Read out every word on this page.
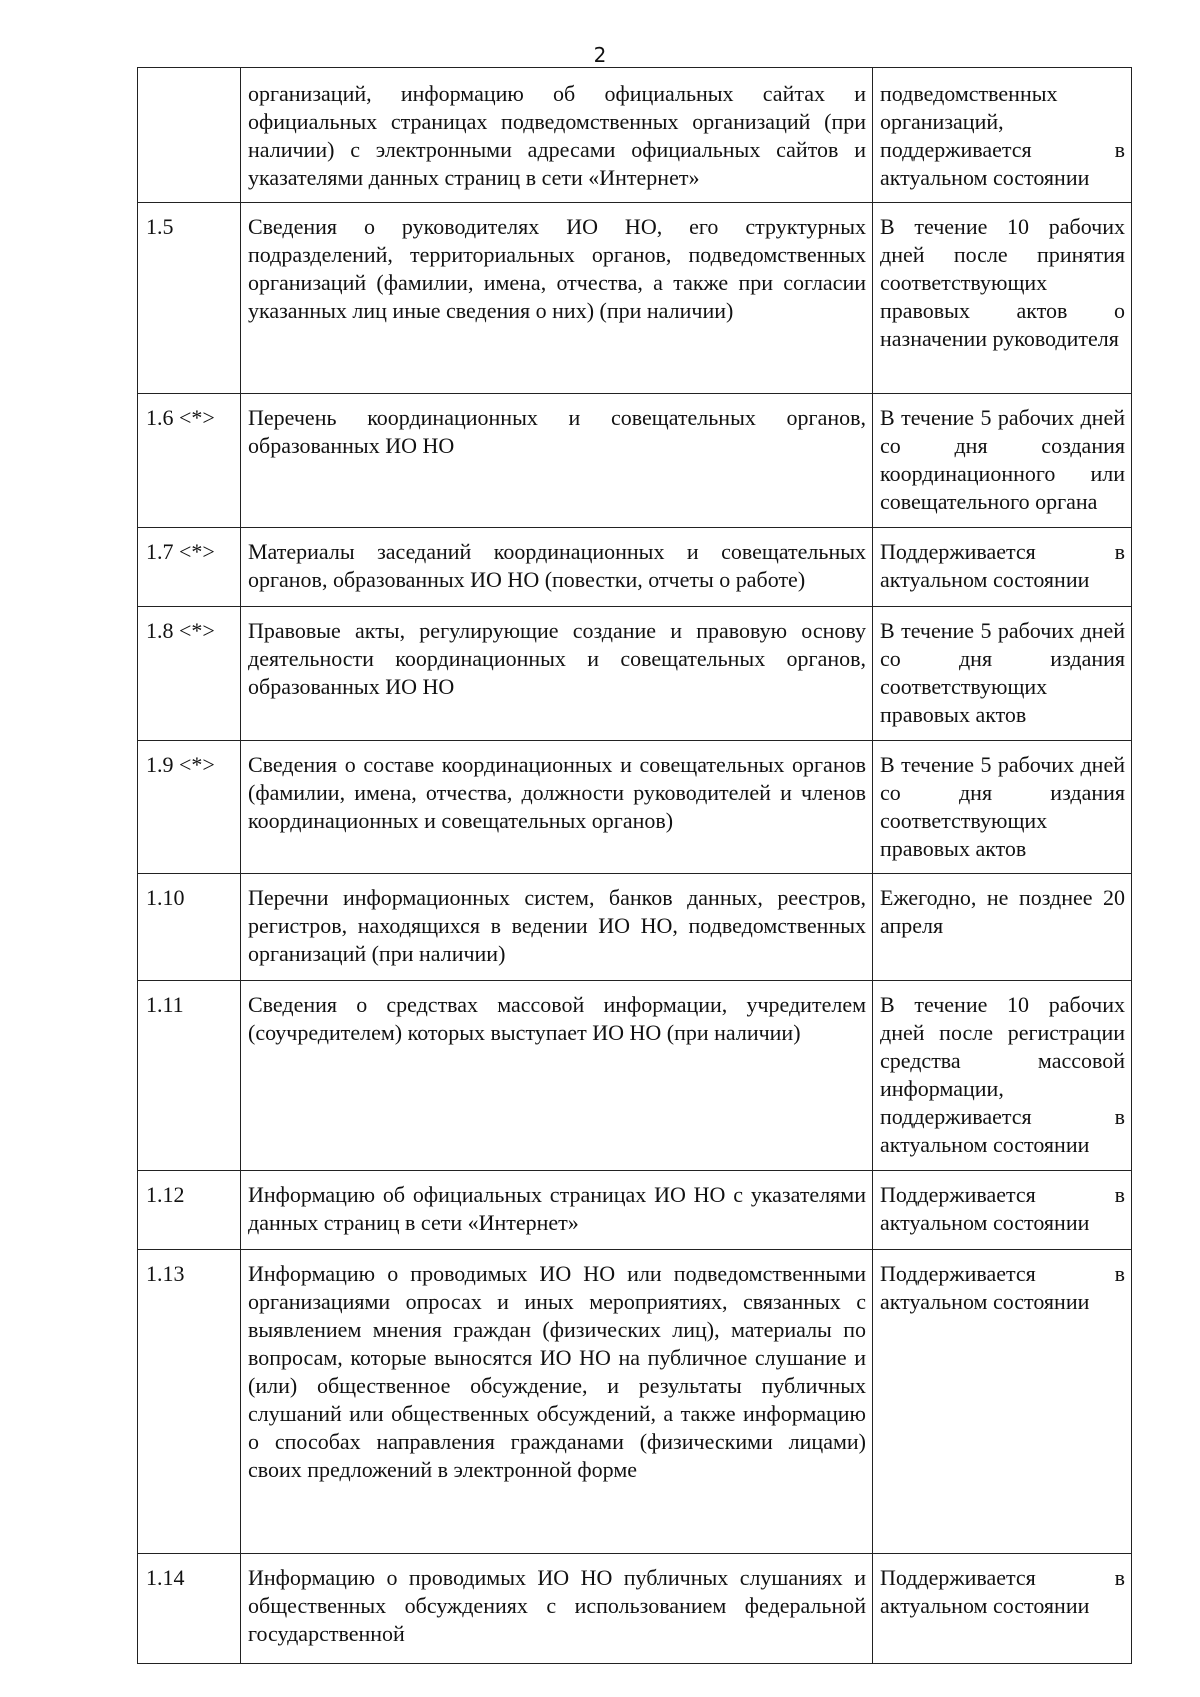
2
	организаций, информацию об официальных сайтах и официальных страницах подведомственных организаций (при наличии) с электронными адресами официальных сайтов и указателями данных страниц в сети «Интернет»	подведомственных организаций, поддерживается в актуальном состоянии
1.5	Сведения о руководителях ИО НО, его структурных подразделений, территориальных органов, подведомственных организаций (фамилии, имена, отчества, а также при согласии указанных лиц иные сведения о них) (при наличии)	В течение 10 рабочих дней после принятия соответствующих правовых актов о назначении руководителя
1.6 <*>	Перечень координационных и совещательных органов, образованных ИО НО	В течение 5 рабочих дней со дня создания координационного или совещательного органа
1.7 <*>	Материалы заседаний координационных и совещательных органов, образованных ИО НО (повестки, отчеты о работе)	Поддерживается в актуальном состоянии
1.8 <*>	Правовые акты, регулирующие создание и правовую основу деятельности координационных и совещательных органов, образованных ИО НО	В течение 5 рабочих дней со дня издания соответствующих правовых актов
1.9 <*>	Сведения о составе координационных и совещательных органов (фамилии, имена, отчества, должности руководителей и членов координационных и совещательных органов)	В течение 5 рабочих дней со дня издания соответствующих правовых актов
1.10	Перечни информационных систем, банков данных, реестров, регистров, находящихся в ведении ИО НО, подведомственных организаций (при наличии)	Ежегодно, не позднее 20 апреля
1.11	Сведения о средствах массовой информации, учредителем (соучредителем) которых выступает ИО НО (при наличии)	В течение 10 рабочих дней после регистрации средства массовой информации, поддерживается в актуальном состоянии
1.12	Информацию об официальных страницах ИО НО с указателями данных страниц в сети «Интернет»	Поддерживается в актуальном состоянии
1.13	Информацию о проводимых ИО НО или подведомственными организациями опросах и иных мероприятиях, связанных с выявлением мнения граждан (физических лиц), материалы по вопросам, которые выносятся ИО НО на публичное слушание и (или) общественное обсуждение, и результаты публичных слушаний или общественных обсуждений, а также информацию о способах направления гражданами (физическими лицами) своих предложений в электронной форме	Поддерживается в актуальном состоянии
1.14	Информацию о проводимых ИО НО публичных слушаниях и общественных обсуждениях с использованием федеральной государственной	Поддерживается в актуальном состоянии
